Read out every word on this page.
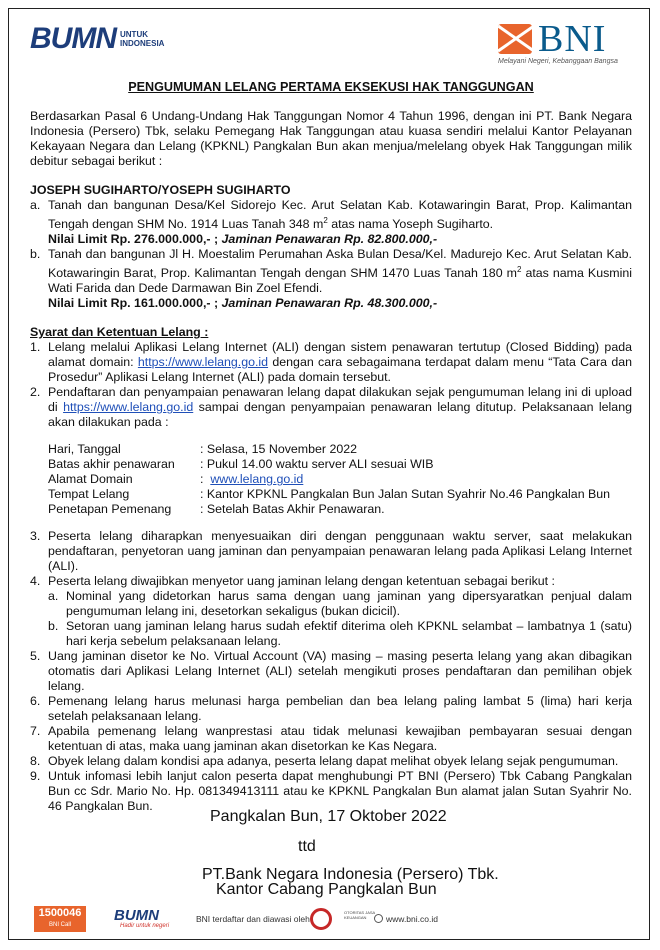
BUMN UNTUK
INDONESIA	BNI
Melayani Negeri, Kebanggaan Bangsa
PENGUMUMAN LELANG PERTAMA EKSEKUSI HAK TANGGUNGAN

Berdasarkan Pasal 6 Undang-Undang Hak Tanggungan Nomor 4 Tahun 1996, dengan ini PT. Bank Negara Indonesia (Persero) Tbk, selaku Pemegang Hak Tanggungan atau kuasa sendiri melalui Kantor Pelayanan Kekayaan Negara dan Lelang (KPKNL) Pangkalan Bun akan menjua/melelang obyek Hak Tanggungan milik debitur sebagai berikut :

JOSEPH SUGIHARTO/YOSEPH SUGIHARTO
a. Tanah dan bangunan Desa/Kel Sidorejo Kec. Arut Selatan Kab. Kotawaringin Barat, Prop. Kalimantan Tengah dengan SHM No. 1914 Luas Tanah 348 $m^2$ atas nama Yoseph Sugiharto.
Nilai Limit Rp. 276.000.000,- ; Jaminan Penawaran Rp. 82.800.000,-
b. Tanah dan bangunan Jl H. Moestalim Perumahan Aska Bulan Desa/Kel. Madurejo Kec. Arut Selatan Kab. Kotawaringin Barat, Prop. Kalimantan Tengah dengan SHM 1470 Luas Tanah 180 $m^2$ atas nama Kusmini Wati Farida dan Dede Darmawan Bin Zoel Efendi.
Nilai Limit Rp. 161.000.000,- ; Jaminan Penawaran Rp. 48.300.000,-
Syarat dan Ketentuan Lelang :
1. Lelang melalui Aplikasi Lelang Internet (ALI) dengan sistem penawaran tertutup (Closed Bidding) pada alamat domain: https://www.lelang.go.id dengan cara sebagaimana terdapat dalam menu “Tata Cara dan Prosedur” Aplikasi Lelang Internet (ALI) pada domain tersebut.
2. Pendaftaran dan penyampaian penawaran lelang dapat dilakukan sejak pengumuman lelang ini di upload di https://www.lelang.go.id sampai dengan penyampaian penawaran lelang ditutup. Pelaksanaan lelang akan dilakukan pada :
Hari, Tanggal	: Selasa, 15 November 2022
Batas akhir penawaran	: Pukul 14.00 waktu server ALI sesuai WIB
Alamat Domain	: www.lelang.go.id
Tempat Lelang	: Kantor KPKNL Pangkalan Bun Jalan Sutan Syahrir No.46 Pangkalan Bun
Penetapan Pemenang	: Setelah Batas Akhir Penawaran.
3. Peserta lelang diharapkan menyesuaikan diri dengan penggunaan waktu server, saat melakukan pendaftaran, penyetoran uang jaminan dan penyampaian penawaran lelang pada Aplikasi Lelang Internet (ALI).
4. Peserta lelang diwajibkan menyetor uang jaminan lelang dengan ketentuan sebagai berikut :
a. Nominal yang didetorkan harus sama dengan uang jaminan yang dipersyaratkan penjual dalam pengumuman lelang ini, desetorkan sekaligus (bukan dicicil).
b. Setoran uang jaminan lelang harus sudah efektif diterima oleh KPKNL selambat – lambatnya 1 (satu) hari kerja sebelum pelaksanaan lelang.
5. Uang jaminan disetor ke No. Virtual Account (VA) masing – masing peserta lelang yang akan dibagikan otomatis dari Aplikasi Lelang Internet (ALI) setelah mengikuti proses pendaftaran dan pemilihan objek lelang.
6. Pemenang lelang harus melunasi harga pembelian dan bea lelang paling lambat 5 (lima) hari kerja setelah pelaksanaan lelang.
7. Apabila pemenang lelang wanprestasi atau tidak melunasi kewajiban pembayaran sesuai dengan ketentuan di atas, maka uang jaminan akan disetorkan ke Kas Negara.
8. Obyek lelang dalam kondisi apa adanya, peserta lelang dapat melihat obyek lelang sejak pengumuman.
9. Untuk infomasi lebih lanjut calon peserta dapat menghubungi PT BNI (Persero) Tbk Cabang Pangkalan Bun cc Sdr. Mario No. Hp. 081349413111 atau ke KPKNL Pangkalan Bun alamat jalan Sutan Syahrir No. 46 Pangkalan Bun.
Pangkalan Bun, 17 Oktober 2022
ttd
PT.Bank Negara Indonesia (Persero) Tbk.
Kantor Cabang Pangkalan Bun
1500046
BNI Call
BUMN
Hadir untuk negeri
BNI terdaftar dan diawasi oleh
OTORITAS JASA KEUANGAN	www.bni.co.id
